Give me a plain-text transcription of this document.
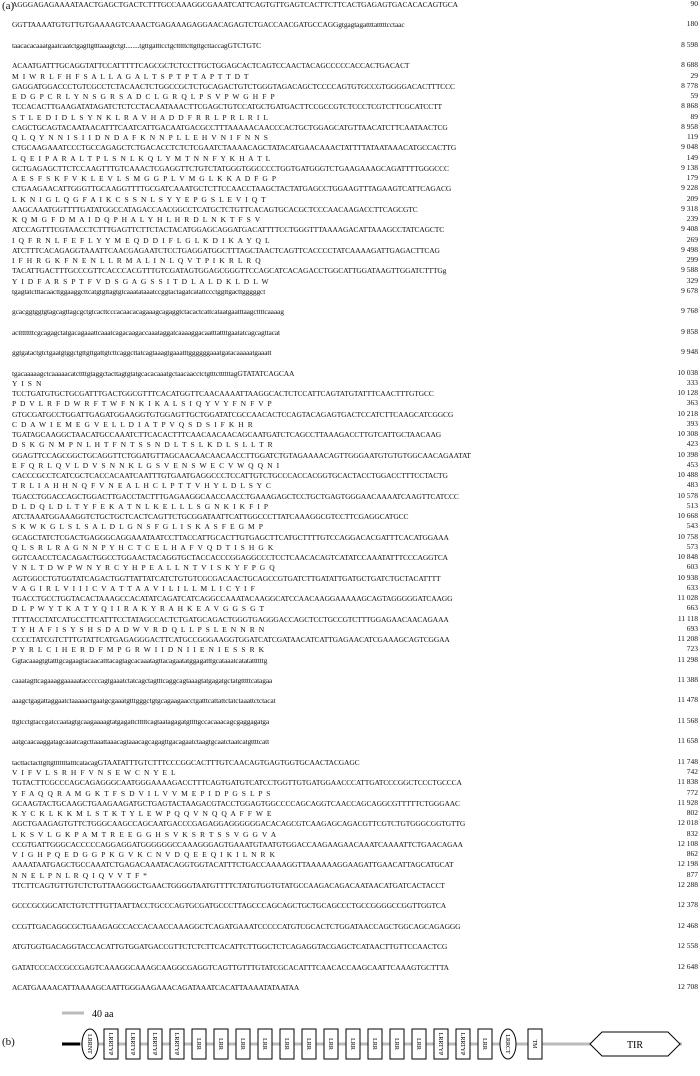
(a)
AGGGAGAGAAAATAACTGAGCTGACTCTTTGCCAAAGGCGAAATCATTCAGTGTTGAGTCACTTCTTCACTGAGAGTGACACACAGTGCA	90
GGTTAAAATGTGTTGTGAAAAGTCAAACTGAGAAAGAGGAACAGAGTCTGACCAACGATGCCAGGgtgagtagattttatttttcctaac	180
taacacacaaatgaatcaatctgagttgtttaaagtctgt........tgttgatttcctgctttttcttgttgcttaccagGTCTGTC	8 598
ACAATGATTTGCAGGTATTCCATTTTTCAGCGCTCTCCTTGCTGGAGCACTCAGTCCAACTACAGCCCCCACCACTGACACT
M  I  W  R  L  F  H  F  S  A  L  L  A  G  A  L  T  S  P  T  P  T  A  P  T  T  D  T
8 688
29
GAGGATGGACCCTGTCGCCTCTACAACTCTGGCCGCTCTGCAGACTGTCTGGGTAGACAGCTCCCCAGTGTGCCGTGGGGACACTTTCCC
E  D  G  P  C  R  L  Y  N  S  G  R  S  A  D  C  L  G  R  Q  L  P  S  V  P  W  G  H  F  P
8 778
59
TCCACACTTGAAGATATAGATCTCTCCTACAATAAACTTCGAGCTGTCCATGCTGATGACTTCCGCCGTCTCCCTCGTCTTCGCATCCTT
S  T  L  E  D  I  D  L  S  Y  N  K  L  R  A  V  H  A  D  D  F  R  R  L  P  R  L  R  I  L
8 868
89
CAGCTGCAGTACAATAACATTTCAATCATTGACAATGACGCCTTTAAAAACAACCCACTGCTGGAGCATGTTAACATCTTCAATAACTCG
Q  L  Q  Y  N  N  I  S  I  I  D  N  D  A  F  K  N  N  P  L  L  E  H  V  N  I  F  N  N  S
8 958
119
CTGCAAGAAATCCCTGCCAGAGCTCTGACACCTCTCTCGAATCTAAAACAGCTATACATGAACAAACTATTTTATAATAAACATGCCACTTG
L  Q  E  I  P  A  R  A  L  T  P  L  S  N  L  K  Q  L  Y  M  T  N  N  F  Y  K  H  A  T  L
9 048
149
GCTGAGAGCTTCTCCAAGTTTGTCAAACTCGAGGTTCTGTCTATGGGTGGCCCCTGGTGATGGGTCTGAAGAAAGCAGATTTTGGGCCC
A  E  S  F  S  K  F  V  K  L  E  V  L  S  M  G  G  P  L  V  M  G  L  K  K  A  D  F  G  P
9 138
179
CTGAAGAACATTGGGTTGCAAGGTTTTGCGATCAAATGCTCTTCCAACCTAAGCTACTATGAGCCTGGAAGTTTAGAAGTCATTCAGACG
L  K  N  I  G  L  Q  G  F  A  I  K  C  S  S  N  L  S  Y  Y  E  P  G  S  L  E  V  I  Q  T
9 228
209
AAGCAAATGGTTTTGATATGGCCATAGACCAACGGCCTCATGCTCTGTTCACAGTGCACGCTCCCAACAAGACCTTCAGCGTC
K  Q  M  G  F  D  M  A  I  D  Q  P  H  A  L  Y  H  L  H  R  D  L  N  K  T  F  S  V
9 318
239
ATCCAGTTTCGTAACCTCTTTGAGTTCTTCTACTACATGGAGCAGGATGACATTTTCCTGGGTTTAAAAGACATTAAAGCCTATCAGCTC
I  Q  F  R  N  L  F  E  F  L  Y  Y  M  E  Q  D  D  I  F  L  G  L  K  D  I  K  A  Y  Q  L
9 408
269
ATCTTTCACAGAGGTAAATTCAACGAGAATCTCCTGAGGATGGCTTTAGCTAACTCAGTTCACCCCTATCAAAAGATTGAGACTTCAG
I  F  H  R  G  K  F  N  E  N  L  L  R  M  A  L  I  N  L  Q  V  T  P  I  K  R  L  R  Q
9 498
299
TACATTGACTTTGCCCGTTCACCCACGTTTGTCGATAGTGGAGCGGGTTCCAGCATCACAGACCTGGCATTGGATAAGTTGGATCTTTGg
Y  I  D  F  A  R  S  P  T  F  V  D  S  G  A  G  S  S  I  T  D  L  A  L  D  K  L  D  L  W
9 588
329
tgagtatctttacaacttggaaggcttcatgtgttagtgtcaaatataaatccggtactagatcatattccctggttgacttgggggct	9 678
gcacggtggtgtagcagttagcgctgtcacttcccacaacacagaaagcagaggtctacactcattcataatgaatttaagcttttcaaaag	9 768
acttttttttcgcagagctatgacagaaattcaaatcagacaagaccaaataggatcaaaaggacaatttattttgaatatcagcagttacat	9 858
ggtgatactgtctgaatgtggctgttgttgattgtcttcaggcttatcagtaaagtgaaatttggggggaaatgatacaaaaatgaaatt	9 948
tgacaaaaagctcaaaaacatcttttgtaggctacttagtgtatgcacacaaatgctaacaacctctgtttcttttttagGTATATCAGCAA
Y  I  S  N
10 038
333
TCCTGATGTGCTGCGATTTGACTGGCGTTTCACATGGTTCAACAAAATTAAGGCACTCTCCATTCAGTATGTATTTCAACTTTGTGCC
P  D  V  L  R  F  D  W  R  F  T  W  F  N  K  I  K  A  L  S  I  Q  Y  V  Y  F  N  F  V  P
10 128
363
GTGCGATGCCTGGATTGAGATGGAAGGTGTGGAGTTGCTGGATATCGCCAACACTCCAGTACAGAGTGACTCCATCTTCAAGCATCGGCG
C  D  A  W  I  E  M  E  G  V  E  L  L  D  I  A  T  P  V  Q  S  D  S  I  F  K  H  R
10 218
393
TGATAGCAAGGCTAACATGCCAAATCTTCACACTTTCAACAACAACAGCAATGATCTCAGCCTTAAAGACCTTGTCATTGCTAACAAG
D  S  K  G  N  M  P  N  L  H  T  F  N  T  S  S  N  D  L  T  S  L  K  D  L  S  L  L  T  R
10 308
423
GGAGTTCCAGCGGCTGCAGGTTCTGGATGTTAGCAACAACAACAACCTTGGATCTGTAGAAAACAGTTGGGAATGTGTGTGGCAACAGAATAT
E  F  Q  R  L  Q  V  L  D  V  S  N  N  K  L  G  S  V  E  N  S  W  E  C  V  W  Q  Q  N  I
10 398
453
CACCCGCCTCATCGCTCACCACAATCAATTTGTGAATGAGGCCCTCCATTGTCTGCCCACCACGGTGCACTACCTGGACCTTTCCTACTG
T  R  L  I  A  H  H  N  Q  F  V  N  E  A  L  H  C  L  P  T  T  V  H  Y  L  D  L  S  Y  C
10 488
483
TGACCTGGACCAGCTGGACTTGACCTACTTTGAGAAGGCAACCAACCTGAAAGAGCTCCTGCTGAGTGGGAACAAAATCAAGTTCATCCC
D  L  D  Q  L  D  L  T  Y  F  E  K  A  T  N  L  K  E  L  L  L  S  G  N  K  I  K  F  I  P
10 578
513
ATCTAAATGGAAAGGTCTGCTGCTCACTCAGTTCTGCGGATAATTCATTGGCCCTTATCAAAGGCGTCCTTCGAGGCATGCC
S  K  W  K  G  L  S  L  S  A  L  D  L  G  N  S  F  G  L  I  S  K  A  S  F  E  G  M  P
10 668
543
GCAGCTATCTCGACTGAGGGCAGGAAATAATCCTTACCATTGCACTTGTGAGCTTCATGCTTTTGTCCAGGACACGATTTCACATGGAAA
Q  L  S  R  L  R  A  G  N  N  P  Y  H  C  T  C  E  L  H  A  F  V  Q  D  T  I  S  H  G  K
10 758
573
GGTCAACCTCACAGACTGGCCTGGAACTACAGGTGCTACCACCCGGAGGCCCTCCTCAACACAGTCATATCCAAATATTTCCCAGGTCA
V  N  L  T  D  W  P  W  N  Y  R  C  Y  H  P  E  A  L  L  N  T  V  I  S  K  Y  F  P  G  Q
10 848
603
AGTGGCCTGTGGTATCAGACTGGTTATTATCATCTGTGTCGCGACAACTGCAGCCGTGATCTTGATATTGATGCTGATCTGCTACATTTT
V  A  G  I  R  L  V  I  I  I  C  V  A  T  T  A  A  V  I  L  I  L  L  M  L  I  C  Y  I  F
10 938
633
TGACCTGCCTGGTACACTAAAGCCACATATCAGATCATCAGGCCAAATACAAGGCATCCAACAAGGAAAAAGCAGTAGGGGGATCAAGG
D  L  P  W  Y  T  K  A  T  Y  Q  I  I  R  A  K  Y  R  A  H  K  E  A  V  G  G  S  G  T
11 028
663
TTTTACCTATCATGCCTTCATTTCCTATAGCCACTCTGATGCAGACTGGGTGAGGGACCAGCTCCTGCCGTCTTTGGAGAACAACAGAAA
T  Y  H  A  F  I  S  Y  S  H  S  D  A  D  W  V  R  D  Q  L  L  P  S  L  E  N  N  R  N
11 118
693
CCCCTATCGTCTTTGTATTCATGAGAGGGACTTCATGCCGGGAAGGTGGATCATCGATAACATCATTGAGAACATCGAAAGCAGTCGGAA
P  Y  R  L  C  I  H  E  R  D  F  M  P  G  R  W  I  I  D  N  I  I  E  N  I  E  S  S  R  K
11 208
723
Ggtacaaagtgtatttgcagaagtacaacatttacagtagcacaaatagttacagaatatggagatttgcataaatcatatattttttg	11 298
caaatagttcagaaaggaaaaatacccccagtgaaatctatcagctagtttcaggcagtaaagtatgagatgctatgtttttcatagaa	11 388
aaagctgagattaggaatctaaaaactgaatgcgaaatgtttgggctgtgcagaagaacctgatttcattattctatctaaattctctacat	11 478
ttgtcctgtaccgatccaatagtgcaagaaaagtatgagattctttttcagtaatagagatgttttgccacaaacagcgaggagatga	11 568
aatgcaacaaggatagcaaatcagcttaaattaaacagtaaacagcagagttgacagaatctaagtgcaatctaatcatgttttcatt	11 658
tacttactacttgttgtttttttatttcatacagGTAATATTTGTCTTTCCCGGCACTTTGTCAACAGTGAGTGGTGCAACTACGAGC
V  I  F  V  L  S  R  H  F  V  N  S  E  W  C  N  Y  E  L
11 748
742
TGTACTTCGCCCAGCAGAGGGCAATGGGAAAAGACCTTTCAGTGATGTCATCCTGGTTGTGATGGAACCCATTGATCCCGGCTCCCTGCCCA
Y  F  A  Q  Q  R  A  M  G  K  T  F  S  D  V  I  L  V  V  M  E  P  I  D  P  G  S  L  P  S
11 838
772
GCAAGTACTGCAAGCTGAAGAAGATGCTGAGTACTAAGACGTACCTGGAGTGGCCCCAGCAGGTCAACCAGCAGGCGTTTTTCTGGGAAC
K  Y  C  K  L  K  K  M  L  S  T  K  T  Y  L  E  W  P  Q  Q  V  N  Q  Q  A  F  F  W  E
11 928
802
AGCTGAAGAGTGTTCTGGGCAAGCCAGCAATGACCCGAGAGGAGGGGGGACACAGCGTCAAGAGCAGACGTTCGTCTGTGGGCGGTGTTG
L  K  S  V  L  G  K  P  A  M  T  R  E  E  G  G  H  S  V  K  S  R  T  S  S  V  G  G  V  A
12 018
832
CCGTGATTGGGCACCCCCAGGAGGATGGGGGGCCAAAGGGAGTGAAATGTAATGTGGACCAAGAAGAACAAATCAAAATTCTGAACAGAA
V  I  G  H  P  Q  E  D  G  G  P  K  G  V  K  C  N  V  D  Q  E  E  Q  I  K  I  L  N  R  K
12 108
862
AAAATAATGAGCTGCCAAATCTGAGACAAATACAGGTGGTACATTTCTGACCAAAAGGTTAAAAAAGGAAGATTGAACATTAGCATGCAT
N  N  E  L  P  N  L  R  Q  I  Q  V  V  T  F  *
12 198
877
TTCTTCAGTGTTGTCTCTGTTAAGGGCTGAACTGGGGTAATGTTTTCTATGTGGTGTATGCCAAGACAGACAATAACATGATCACTACCT	12 288
GCCCGCGGCATCTGTCTTTGTTAATTACCTGCCCAGTGCGATGCCCTTAGCCCAGCAGCTGCTGCAGCCCTGCCGGGGCCGGTTGGTCA	12 378
CCGTTGACAGGCGCTGAAGAGCCACCACAACCAAAGGCTCAGATGAAATCCCCCATGTCGCACTCTGGATAACCAGCTGGCAGCAGAGGG	12 468
ATGTGGTGACAGGTACCACATTGTGGATGACCGTTCTCTCTTCACATTCTTGGCTCTCAGAGGTACGAGCTCATAACTTGTTCCAACTCG	12 558
GATATCCCACCGCCGAGTCAAAGGCAAAGCAAGGCGAGGTCAGTTGTTTGTATCGCACATTTCAACACCAAGCAATTCAAAGTGCTTTA	12 648
ACATGAAAACATTAAAAGCAATTGGGAAGAAACAGATAAATCACATTAAAATATAATAA	12 708
(b)
40 aa
LRRNT	LRRTYP	LRRTYP	LRRTYP	LRRTYP	LRR	LRR	LRR	LRR	LRR	LRR	LRR	LRR	LRR	LRR	LRR	LRRTYP	LRRTYP	LRR	LRRCT	TM	TIR
